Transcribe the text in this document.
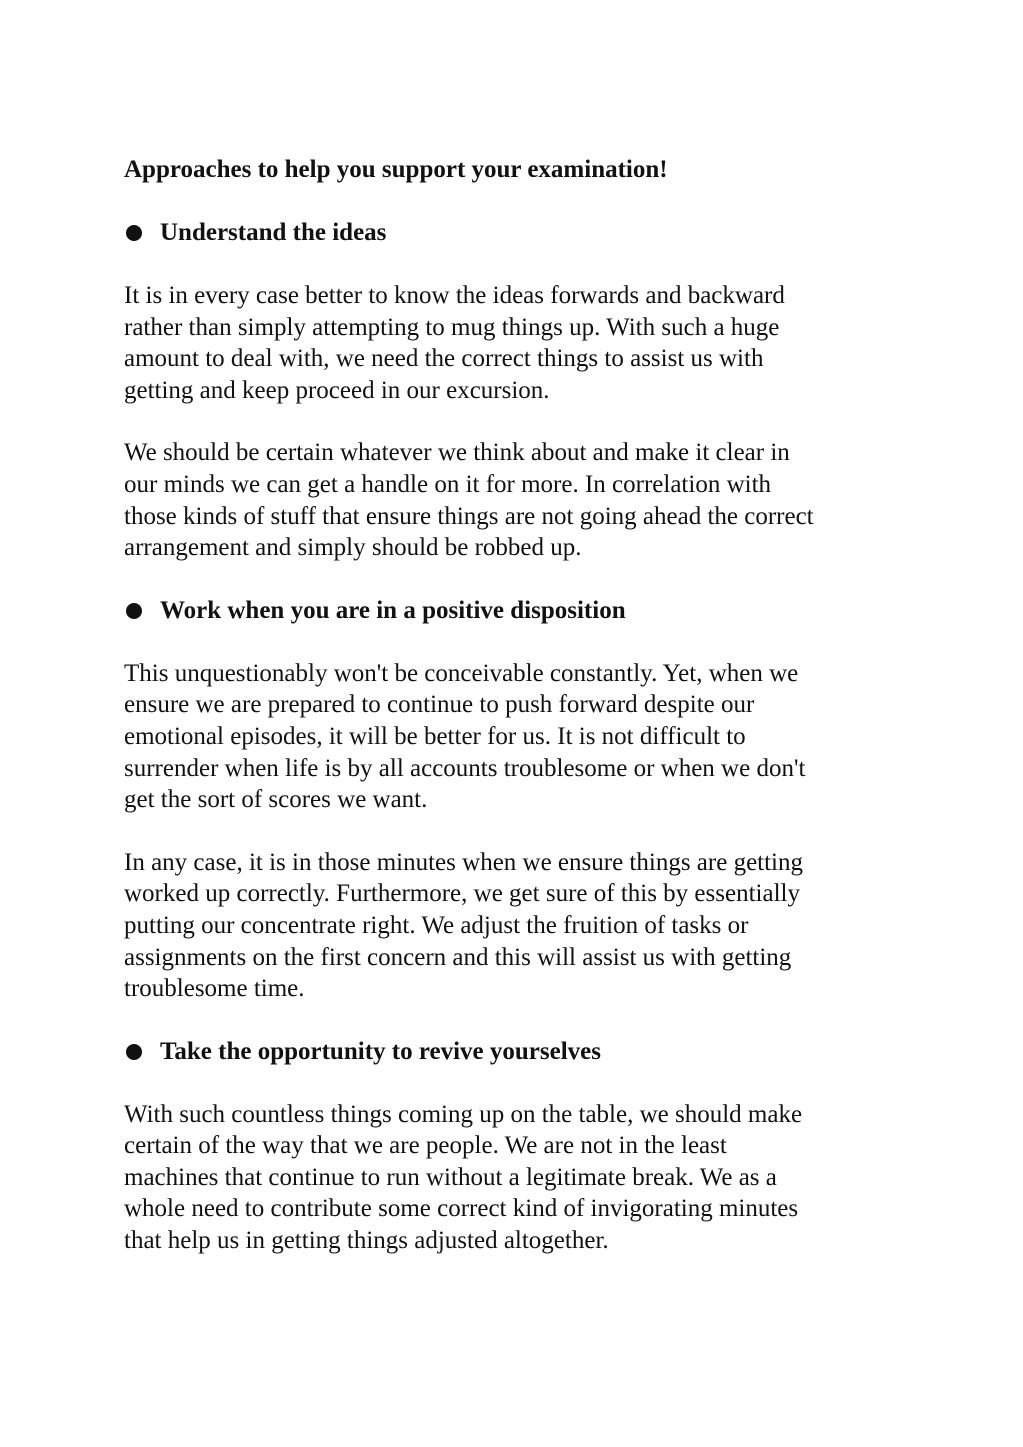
Approaches to help you support your examination!
Understand the ideas
It is in every case better to know the ideas forwards and backward
rather than simply attempting to mug things up. With such a huge
amount to deal with, we need the correct things to assist us with
getting and keep proceed in our excursion.
We should be certain whatever we think about and make it clear in
our minds we can get a handle on it for more. In correlation with
those kinds of stuff that ensure things are not going ahead the correct
arrangement and simply should be robbed up.
Work when you are in a positive disposition
This unquestionably won't be conceivable constantly. Yet, when we
ensure we are prepared to continue to push forward despite our
emotional episodes, it will be better for us. It is not difficult to
surrender when life is by all accounts troublesome or when we don't
get the sort of scores we want.
In any case, it is in those minutes when we ensure things are getting
worked up correctly. Furthermore, we get sure of this by essentially
putting our concentrate right. We adjust the fruition of tasks or
assignments on the first concern and this will assist us with getting
troublesome time.
Take the opportunity to revive yourselves
With such countless things coming up on the table, we should make
certain of the way that we are people. We are not in the least
machines that continue to run without a legitimate break. We as a
whole need to contribute some correct kind of invigorating minutes
that help us in getting things adjusted altogether.
